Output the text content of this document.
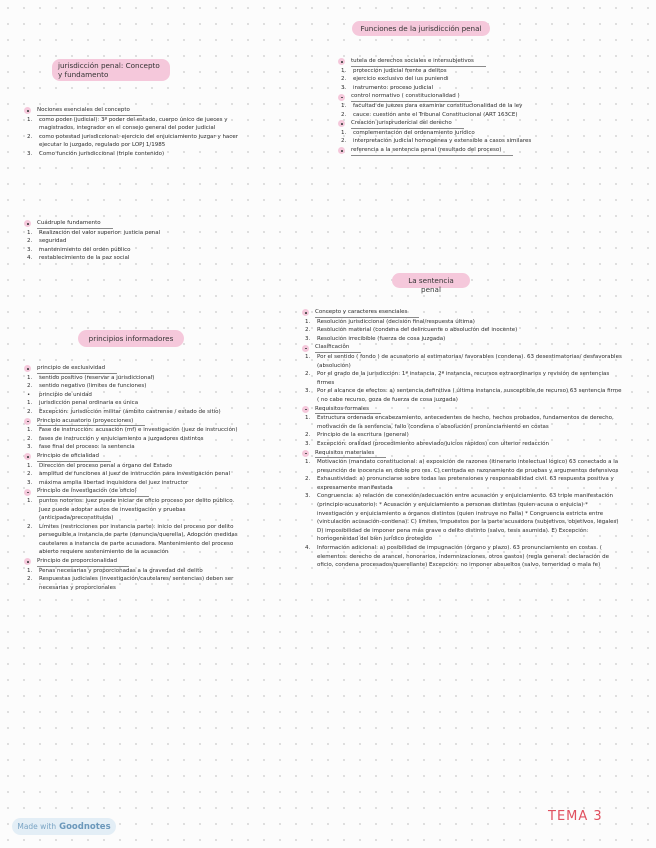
jurisdicción penal: Concepto y fundamento
Nociones esenciales del concepto
1.	como poder (judicial): 3º poder del estado, cuerpo único de jueces y magistrados, integrador en el consejo general del poder judicial
2.	como potestad jurisdiccional: ejercicio del enjuiciamiento juzgar y hacer ejecutar lo juzgado, regulado por LOPJ 1/1985
3.	Como función jurisdiccional (triple contenido)
Cuádruple fundamento
1.	Realización del valor superior: justicia penal
2.	seguridad
3.	mantenimiento del orden público
4.	restablecimiento de la paz social
principios informadores
principio de exclusividad
1.	sentido positivo (reservar a jurisdiccional)
2.	sentido negativo (limites de funciones)
•	principio de unidad
1.	jurisdicción penal ordinaria es única
2.	Excepción: jurisdicción militar (ámbito castrense / estado de sitio)
Principio acusatorio (proyecciones)
1.	Fase de instrucción: acusación (mf) e investigación (juez de instrucción)
2.	fases de instrucción y enjuiciamiento a juzgadores distintos
3.	fase final del proceso: la sentencia
Principio de oficialidad
1.	Dirección del proceso penal a órgano del Estado
2.	amplitud de funciones al juez de instrucción para investigación penal
3.	máxima amplia libertad inquisidora del juez instructor
Principio de investigación (de oficio)
1.	puntos notorios: juez puede iniciar de oficio proceso por delito público. Juez puede adoptar autos de investigación y pruebas (anticipada/preconstituida)
2.	Límites (restricciones por instancia parte): inicio del proceso por delito perseguible a instancia de parte (denuncia/querella). Adopción medidas cautelares a instancia de parte acusadora. Mantenimiento del proceso abierto requiere sostenimiento de la acusación
Principio de proporcionalidad
1.	Penas necesarias y proporcionadas a la gravedad del delito
2.	Respuestas judiciales (investigación/cautelares/ sentencias) deben ser necesarias y proporcionales
Funciones de la jurisdicción penal
tutela de derechos sociales e intersubjetivos
1.	protección judicial frente a delitos
2.	ejercicio exclusivo del ius puniendi
3.	instrumento: proceso judicial
control normativo ( constitucionalidad )
1.	facultad de juezes para examinar constitucionalidad de la ley
2.	cauce: cuestión ante el Tribunal Constitucional (ART 163CE)
Creación jurisprudencial del derecho
1.	complementación del ordenamiento jurídico
2.	interpretación judicial homogénea y extensible a casos similares
referencia a la sentencia penal (resultado del proceso)
La sentencia penal
Concepto y caracteres esenciales
1.	Resolución jurisdiccional (decisión final/respuesta última)
2.	Resolución material (condena del delincuente o absolución del inocente)
3.	Resolución irrecibible (fuerza de cosa juzgada)
Clasificación
1.	Por el sentido ( fondo ) de acusatorio al estimatorias/ favorables (condena). 63 desestimatorias/ desfavorables (absolución)
2.	Por el grado de la jurisdicción: 1ª instancia, 2ª instancia, recursos extraordinarios y revisión de sentencias firmes
3.	Por el alcance de efectos: a) sentencia definitiva ( última instancia, susceptible de recurso) 63 sentencia firme ( no cabe recurso, goza de fuerza de cosa juzgada)
Requisitos formales
1.	Estructura ordenada encabezamiento, antecedentes de hecho, hechos probados, fundamentos de derecho, motivación de la sentencia, fallo (condena o absolución) pronunciamiento en costas
2.	Principio de la escritura (general)
3.	Excepción: oralidad (procedimiento abreviado/juicios rápidos) con ulterior redacción
Requisitos materiales
1.	Motivación (mandato constitucional: a) exposición de razones (itinerario intelectual lógico) 63 conectado a la presunción de inocencia en doble pro res. C) centrada en razonamiento de pruebas y argumentos defensivos
2.	Exhaustividad: a) pronunciarse sobre todas las pretensiones y responsabilidad civil. 63 respuesta positiva y expresamente manifestada
3.	Congruencia: a) relación de conexión/adecuación entre acusación y enjuiciamiento. 63 triple manifestación (principio acusatorio): * Acusación y enjuiciamiento a personas distintas (quien acusa o enjuicia) * investigación y enjuiciamiento a órganos distintos (quien instruye no Falla) * Congruencia estricta entre (vinculación acusación-condena). C) límites, impuestos por la parte acusadora (subjetivos, objetivos, legales) D) imposibilidad de imponer pena más grave o delito distinto (salvo, tesis asumida). E) Excepción: homogeneidad del bien jurídico protegido
4.	Información adicional: a) posibilidad de impugnación (órgano y plazo). 63 pronunciamiento en costas. ( elementos: derecho de arancel, honorarios, indemnizaciones, otros gastos) (regla general: declaración de oficio, condena procesados/querellante) Excepción: no imponer absueltos (salvo, temeridad o mala fe)
Made with Goodnotes
TEMA 3
